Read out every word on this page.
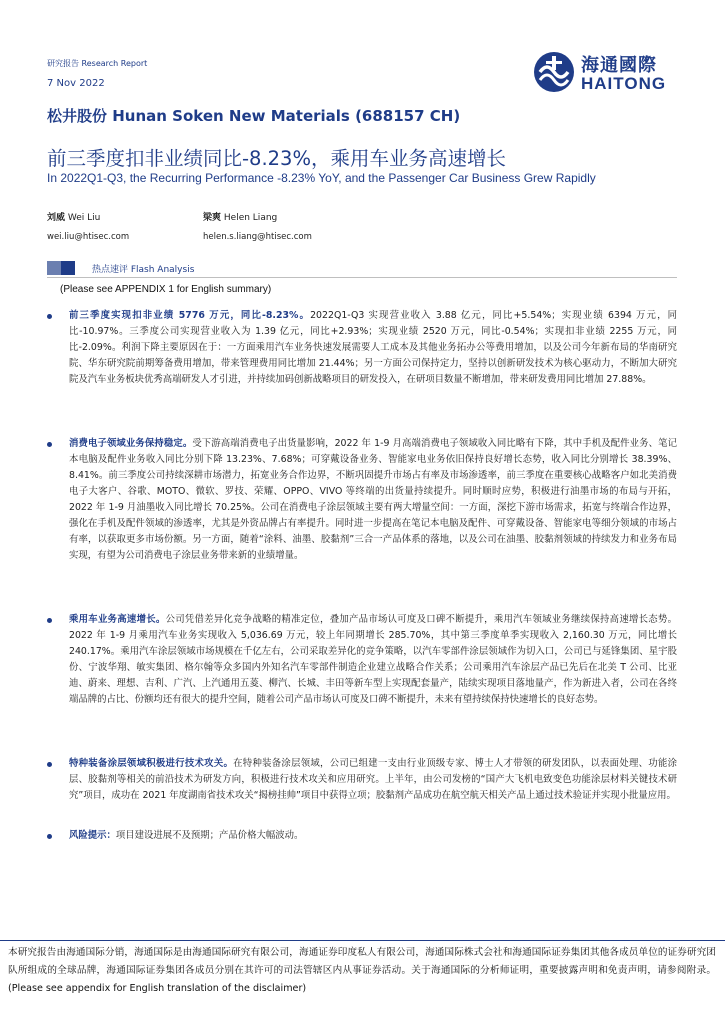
研究报告 Research Report
7 Nov 2022
海通國際
HAITONG
松井股份 Hunan Soken New Materials (688157 CH)
前三季度扣非业绩同比-8.23%，乘用车业务高速增长
In 2022Q1-Q3, the Recurring Performance -8.23% YoY, and the Passenger Car Business Grew Rapidly
刘威 Wei Liu
wei.liu@htisec.com
梁爽 Helen Liang
helen.s.liang@htisec.com
热点速评 Flash Analysis
(Please see APPENDIX 1 for English summary)
前三季度实现扣非业绩 5776 万元，同比-8.23%。2022Q1-Q3 实现营业收入 3.88 亿元，同比+5.54%；实现业绩 6394 万元，同比-10.97%。三季度公司实现营业收入为 1.39 亿元，同比+2.93%；实现业绩 2520 万元，同比-0.54%；实现扣非业绩 2255 万元，同比-2.09%。利润下降主要原因在于：一方面乘用汽车业务快速发展需要人工成本及其他业务拓办公等费用增加，以及公司今年新布局的华南研究院、华东研究院前期筹备费用增加，带来管理费用同比增加 21.44%；另一方面公司保持定力，坚持以创新研发技术为核心驱动力，不断加大研究院及汽车业务板块优秀高端研发人才引进，并持续加码创新战略项目的研发投入，在研项目数量不断增加，带来研发费用同比增加 27.88%。
消费电子领域业务保持稳定。受下游高端消费电子出货量影响，2022 年 1-9 月高端消费电子领域收入同比略有下降，其中手机及配件业务、笔记本电脑及配件业务收入同比分别下降 13.23%、7.68%；可穿戴设备业务、智能家电业务依旧保持良好增长态势，收入同比分别增长 38.39%、8.41%。前三季度公司持续深耕市场潜力，拓宽业务合作边界，不断巩固提升市场占有率及市场渗透率，前三季度在重要核心战略客户如北美消费电子大客户、谷歌、MOTO、微软、罗技、荣耀、OPPO、VIVO 等终端的出货量持续提升。同时顺时应势，积极进行油墨市场的布局与开拓，2022 年 1-9 月油墨收入同比增长 70.25%。公司在消费电子涂层领域主要有两大增量空间：一方面，深挖下游市场需求，拓宽与终端合作边界，强化在手机及配件领域的渗透率，尤其是外资品牌占有率提升。同时进一步提高在笔记本电脑及配件、可穿戴设备、智能家电等细分领域的市场占有率，以获取更多市场份额。另一方面，随着“涂料、油墨、胶黏剂”三合一产品体系的落地，以及公司在油墨、胶黏剂领域的持续发力和业务布局实现，有望为公司消费电子涂层业务带来新的业绩增量。
乘用车业务高速增长。公司凭借差异化竞争战略的精准定位，叠加产品市场认可度及口碑不断提升，乘用汽车领域业务继续保持高速增长态势。2022 年 1-9 月乘用汽车业务实现收入 5,036.69 万元，较上年同期增长 285.70%，其中第三季度单季实现收入 2,160.30 万元，同比增长 240.17%。乘用汽车涂层领域市场规模在千亿左右，公司采取差异化的竞争策略，以汽车零部件涂层领域作为切入口，公司已与延锋集团、星宇股份、宁波华翔、敏实集团、格尔翰等众多国内外知名汽车零部件制造企业建立战略合作关系；公司乘用汽车涂层产品已先后在北美 T 公司、比亚迪、蔚来、理想、吉利、广汽、上汽通用五菱、柳汽、长城、丰田等新车型上实现配套量产，陆续实现项目落地量产，作为新进入者，公司在各终端品牌的占比、份额均还有很大的提升空间，随着公司产品市场认可度及口碑不断提升，未来有望持续保持快速增长的良好态势。
特种装备涂层领域积极进行技术攻关。在特种装备涂层领域，公司已组建一支由行业顶级专家、博士人才带领的研发团队，以表面处理、功能涂层、胶黏剂等相关的前沿技术为研发方向，积极进行技术攻关和应用研究。上半年，由公司发榜的“国产大飞机电致变色功能涂层材料关键技术研究”项目，成功在 2021 年度湖南省技术攻关“揭榜挂帅”项目中获得立项；胶黏剂产品成功在航空航天相关产品上通过技术验证并实现小批量应用。
风险提示：项目建设进展不及预期；产品价格大幅波动。
本研究报告由海通国际分销，海通国际是由海通国际研究有限公司，海通证券印度私人有限公司，海通国际株式会社和海通国际证券集团其他各成员单位的证券研究团队所组成的全球品牌，海通国际证券集团各成员分别在其许可的司法管辖区内从事证券活动。关于海通国际的分析师证明，重要披露声明和免责声明，请参阅附录。(Please see appendix for English translation of the disclaimer)
